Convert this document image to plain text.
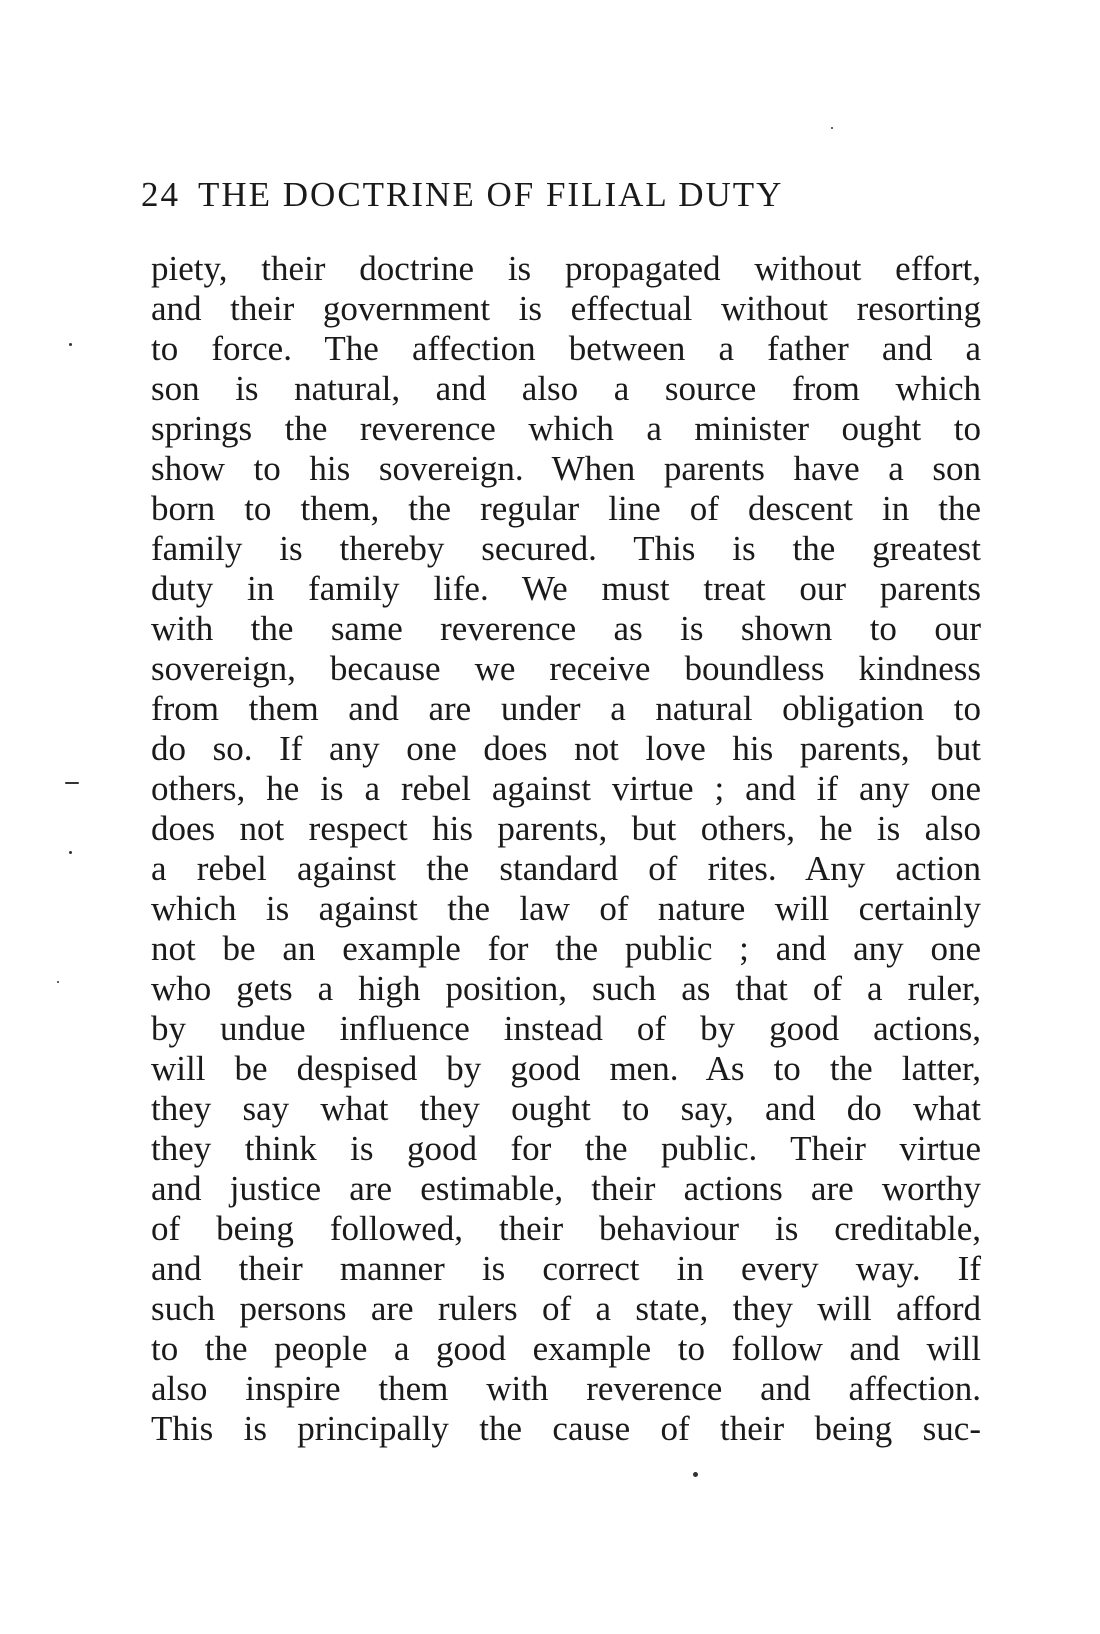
24 THE DOCTRINE OF FILIAL DUTY
piety, their doctrine is propagated without effort,
and their government is effectual without resorting
to force. The affection between a father and a
son is natural, and also a source from which
springs the reverence which a minister ought to
show to his sovereign. When parents have a son
born to them, the regular line of descent in the
family is thereby secured. This is the greatest
duty in family life. We must treat our parents
with the same reverence as is shown to our
sovereign, because we receive boundless kindness
from them and are under a natural obligation to
do so. If any one does not love his parents, but
others, he is a rebel against virtue ; and if any one
does not respect his parents, but others, he is also
a rebel against the standard of rites. Any action
which is against the law of nature will certainly
not be an example for the public ; and any one
who gets a high position, such as that of a ruler,
by undue influence instead of by good actions,
will be despised by good men. As to the latter,
they say what they ought to say, and do what
they think is good for the public. Their virtue
and justice are estimable, their actions are worthy
of being followed, their behaviour is creditable,
and their manner is correct in every way. If
such persons are rulers of a state, they will afford
to the people a good example to follow and will
also inspire them with reverence and affection.
This is principally the cause of their being suc-
